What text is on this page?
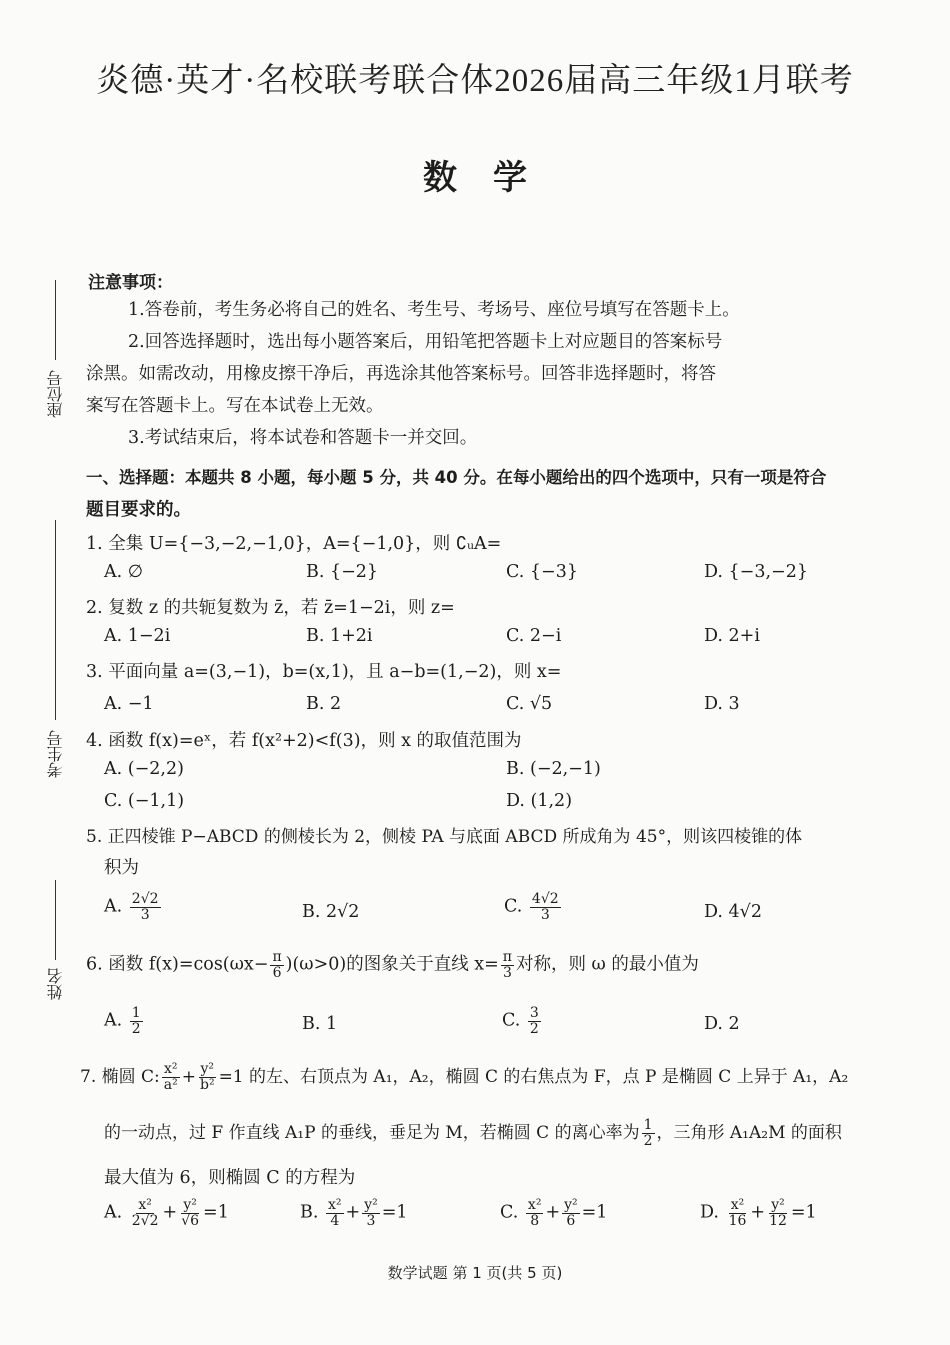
炎德·英才·名校联考联合体2026届高三年级1月联考
数学
座位号
考生号
姓名
注意事项：
1.答卷前，考生务必将自己的姓名、考生号、考场号、座位号填写在答题卡上。
2.回答选择题时，选出每小题答案后，用铅笔把答题卡上对应题目的答案标号
涂黑。如需改动，用橡皮擦干净后，再选涂其他答案标号。回答非选择题时，将答
案写在答题卡上。写在本试卷上无效。
3.考试结束后，将本试卷和答题卡一并交回。
一、选择题：本题共 8 小题，每小题 5 分，共 40 分。在每小题给出的四个选项中，只有一项是符合
题目要求的。
1. 全集 U={−3,−2,−1,0}，A={−1,0}，则 ∁ᵤA=
A. ∅	B. {−2}	C. {−3}	D. {−3,−2}
2. 复数 z 的共轭复数为 z̄，若 z̄=1−2i，则 z=
A. 1−2i	B. 1+2i	C. 2−i	D. 2+i
3. 平面向量 a=(3,−1)，b=(x,1)，且 a−b=(1,−2)，则 x=
A. −1	B. 2	C. √5	D. 3
4. 函数 f(x)=eˣ，若 f(x²+2)<f(3)，则 x 的取值范围为
A. (−2,2)	B. (−2,−1)
C. (−1,1)	D. (1,2)
5. 正四棱锥 P−ABCD 的侧棱长为 2，侧棱 PA 与底面 ABCD 所成角为 45°，则该四棱锥的体
积为
A. $\frac{2√2}{3}$	B. 2√2	C. $\frac{4√2}{3}$	D. 4√2
6. 函数 $f(x)=\cos(\omega x- \frac{\pi}{6} )(\omega>0)$的图象关于直线 $x= \frac{\pi}{3}$ 对称，则 ω 的最小值为
A. $\frac{1}{2}$	B. 1	C. $\frac{3}{2}$	D. 2
7. 椭圆 C: $\frac{\text{x²}}{\text{a²}} + \frac{\text{y²}}{\text{b²}} =1$ 的左、右顶点为 A₁，A₂，椭圆 C 的右焦点为 F，点 P 是椭圆 C 上异于 A₁，A₂
的一动点，过 F 作直线 A₁P 的垂线，垂足为 M，若椭圆 C 的离心率为 $\frac{1}{2}$ ，三角形 A₁A₂M 的面积
最大值为 6，则椭圆 C 的方程为
A. $\frac{\text{x²}}{2√2} + \frac{\text{y²}}{√6} =1$	B. $\frac{\text{x²}}{4} + \frac{\text{y²}}{3} =1$	C. $\frac{\text{x²}}{8} + \frac{\text{y²}}{6} =1$	D. $\frac{\text{x²}}{16} + \frac{\text{y²}}{12} =1$
数学试题 第 1 页(共 5 页)
